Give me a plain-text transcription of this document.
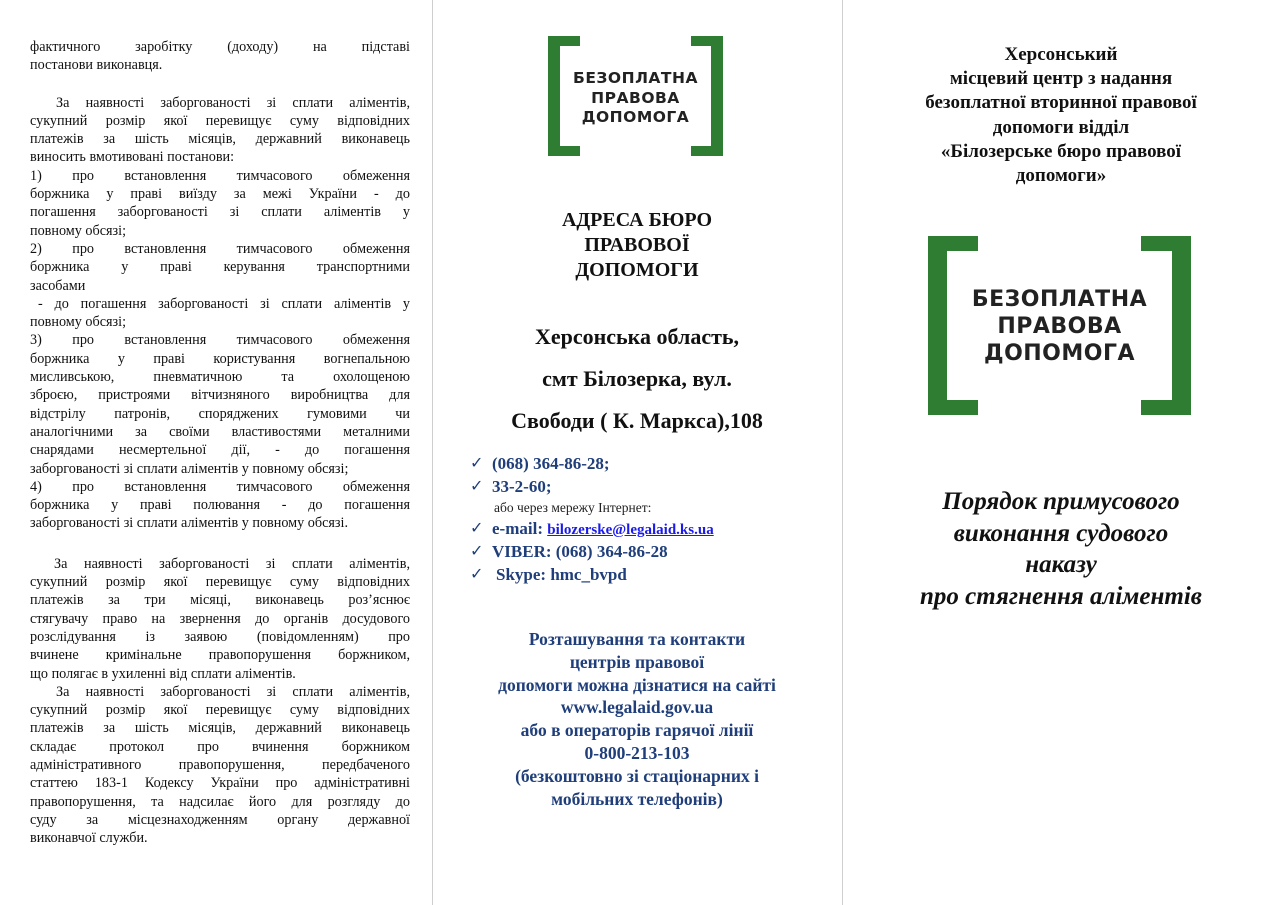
фактичного заробітку (доходу) на підставі

постанови виконавця.

За наявності заборгованості зі сплати аліментів,

сукупний розмір якої перевищує суму відповідних

платежів за шість місяців, державний виконавець

виносить вмотивовані постанови:

1) про встановлення тимчасового обмеження

боржника у праві виїзду за межі України - до

погашення заборгованості зі сплати аліментів у

повному обсязі;

2) про встановлення тимчасового обмеження

боржника у праві керування транспортними

засобами

- до погашення заборгованості зі сплати аліментів у

повному обсязі;

3) про встановлення тимчасового обмеження

боржника у праві користування вогнепальною

мисливською, пневматичною та охолощеною

зброєю, пристроями вітчизняного виробництва для

відстрілу патронів, споряджених гумовими чи

аналогічними за своїми властивостями металними

снарядами несмертельної дії, - до погашення

заборгованості зі сплати аліментів у повному обсязі;

4) про встановлення тимчасового обмеження

боржника у праві полювання - до погашення

заборгованості зі сплати аліментів у повному обсязі.

За наявності заборгованості зі сплати аліментів,

сукупний розмір якої перевищує суму відповідних

платежів за три місяці, виконавець роз’яснює

стягувачу право на звернення до органів досудового

розслідування із заявою (повідомленням) про

вчинене кримінальне правопорушення боржником,

що полягає в ухиленні від сплати аліментів.

За наявності заборгованості зі сплати аліментів,

сукупний розмір якої перевищує суму відповідних

платежів за шість місяців, державний виконавець

складає протокол про вчинення боржником

адміністративного правопорушення, передбаченого

статтею 183-1 Кодексу України про адміністративні

правопорушення, та надсилає його для розгляду до

суду за місцезнаходженням органу державної

виконавчої служби.

БЕЗОПЛАТНА
ПРАВОВА
ДОПОМОГА
АДРЕСА БЮРО
ПРАВОВОЇ
ДОПОМОГИ
Херсонська область,
смт Білозерка, вул.
Свободи ( К. Маркса),108
✓ (068) 364-86-28;
✓ 33-2-60;
або через мережу Інтернет:
✓ e-mail: bilozerske@legalaid.ks.ua
✓ VIBER: (068) 364-86-28
✓ Skype: hmc_bvpd
Розташування та контакти
центрів правової
допомоги можна дізнатися на сайті
www.legalaid.gov.ua
або в операторів гарячої лінії
0-800-213-103
(безкоштовно зі стаціонарних і
мобільних телефонів)
Херсонський
місцевий центр з надання
безоплатної вторинної правової
допомоги відділ
«Білозерське бюро правової
допомоги»
БЕЗОПЛАТНА
ПРАВОВА
ДОПОМОГА
Порядок примусового
виконання судового
наказу
про стягнення аліментів
